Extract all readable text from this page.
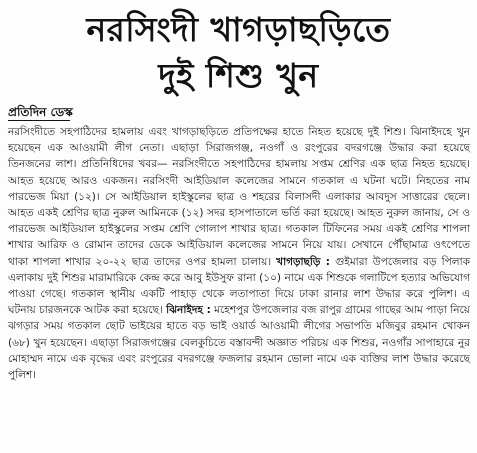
নরসিংদী খাগড়াছড়িতে
দুই শিশু খুন
প্রতিদিন ডেস্ক

নরসিংদীতে সহপাঠিদের হামলায় এবং খাগড়াছড়িতে প্রতিপক্ষের হাতে নিহত হয়েছে দুই শিশু। ঝিনাইদহে খুন হয়েছেন এক আওয়ামী লীগ নেতা। এছাড়া সিরাজগঞ্জ, নওগাঁ ও রংপুরের বদরগঞ্জে উদ্ধার করা হয়েছে তিনজনের লাশ। প্রতিনিধিদের খবর— নরসিংদীতে সহপাঠিদের হামলায় সপ্তম শ্রেণির এক ছাত্র নিহত হয়েছে। আহত হয়েছে আরও একজন। নরসিংদী আইডিয়াল কলেজের সামনে গতকাল এ ঘটনা ঘটে। নিহতের নাম পারভেজ মিয়া (১২)। সে আইডিয়াল হাইস্কুলের ছাত্র ও শহরের বিলাসদী এলাকার আবদুস সাত্তারের ছেলে। আহত একই শ্রেণির ছাত্র নুরুল আমিনকে (১২) সদর হাসপাতালে ভর্তি করা হয়েছে। আহত নুরুল জানায়, সে ও পারভেজ আইডিয়াল হাইস্কুলের সপ্তম শ্রেণি গোলাপ শাখার ছাত্র। গতকাল টিফিনের সময় একই শ্রেণির শাপলা শাখার আরিফ ও রোমান তাদের ডেকে আইডিয়াল কলেজের সামনে নিয়ে যায়। সেখানে পৌঁছামাত্র ওৎপেতে থাকা শাপলা শাখার ২০-২২ ছাত্র তাদের ওপর হামলা চালায়। খাগড়াছড়ি : গুইমারা উপজেলার বড় পিলাক এলাকায় দুই শিশুর মারামারিকে কেন্দ্র করে আবু ইউসুফ রানা (১০) নামে এক শিশুকে গলাটিপে হত্যার অভিযোগ পাওয়া গেছে। গতকাল স্থানীয় একটি পাহাড় থেকে লতাপাতা দিয়ে ঢাকা রানার লাশ উদ্ধার করে পুলিশ। এ ঘটনায় চারজনকে আটক করা হয়েছে। ঝিনাইদহ : মহেশপুর উপজেলার বজ রাপুর গ্রামের গাছের আম পাড়া নিয়ে ঝগড়ার সময় গতকাল ছোট ভাইয়ের হাতে বড় ভাই ওয়ার্ড আওয়ামী লীগের সভাপতি মজিবুর রহমান খোকন (৬৮) খুন হয়েছেন। এছাড়া সিরাজগঞ্জের বেলকুচিতে বস্তাবন্দী অজ্ঞাত পরিচয় এক শিশুর, নওগাঁর সাপাহারে নুর মোহাম্মদ নামে এক বৃদ্ধের এবং রংপুরের বদরগঞ্জে ফজলার রহমান ভোলা নামে এক ব্যক্তির লাশ উদ্ধার করেছে পুলিশ।
